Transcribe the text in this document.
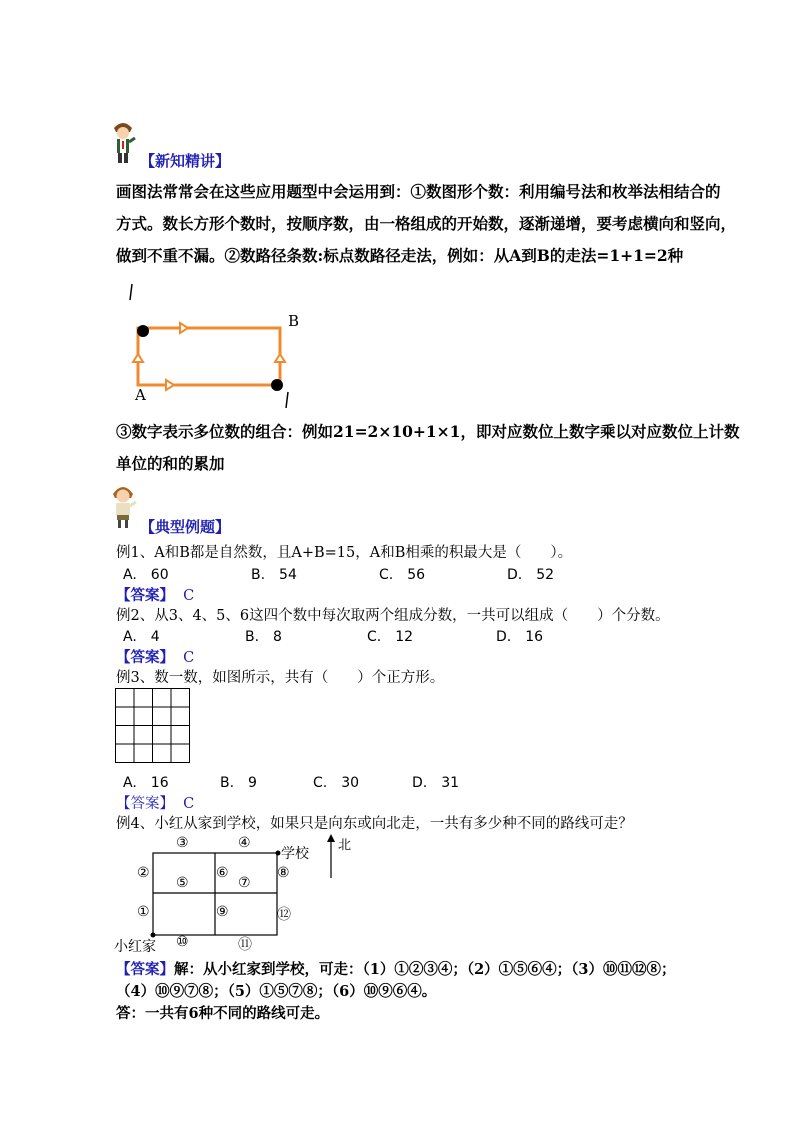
【新知精讲】
画图法常常会在这些应用题型中会运用到：①数图形个数：利用编号法和枚举法相结合的
方式。数长方形个数时，按顺序数，由一格组成的开始数，逐渐递增，要考虑横向和竖向，
做到不重不漏。②数路径条数:标点数路径走法，例如：从A到B的走法=1+1=2种
B
A
③数字表示多位数的组合：例如21=2×10+1×1，即对应数位上数字乘以对应数位上计数
单位的和的累加
【典型例题】
例1、A和B都是自然数，且A+B=15，A和B相乘的积最大是（　　）。
A.　60	B.　54	C.　56	D.　52
【答案】 C
例2、从3、4、5、6这四个数中每次取两个组成分数，一共可以组成（　　）个分数。
A.　4	B.　8	C.　12	D.　16
【答案】 C
例3、数一数，如图所示，共有（　　）个正方形。
A.　16	B.　9	C.　30	D.　31
【答案】 C
例4、小红从家到学校，如果只是向东或向北走，一共有多少种不同的路线可走？
北
学校
小红家
③	④
②
⑤
⑥
⑦
⑧
①	⑨	⑫
⑩	⑪
【答案】解：从小红家到学校，可走：（1）①②③④；（2）①⑤⑥④；（3）⑩⑪⑫⑧；
（4）⑩⑨⑦⑧；（5）①⑤⑦⑧；（6）⑩⑨⑥④。
答：一共有6种不同的路线可走。
